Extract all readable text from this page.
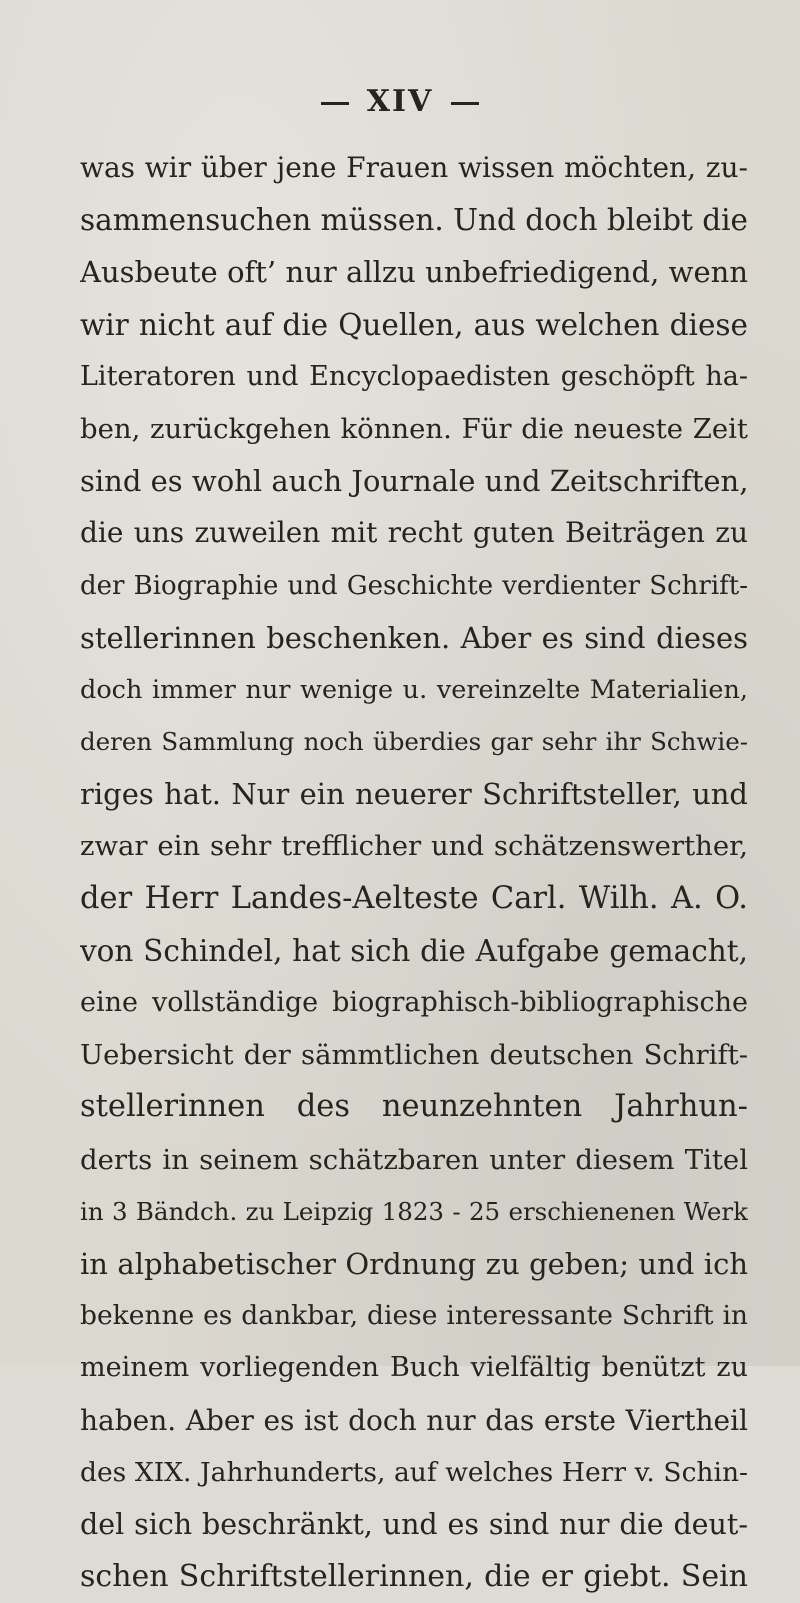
XIV
was wir über jene Frauen wissen möchten, zu-
sammensuchen müssen. Und doch bleibt die
Ausbeute oft’ nur allzu unbefriedigend, wenn
wir nicht auf die Quellen, aus welchen diese
Literatoren und Encyclopaedisten geschöpft ha-
ben, zurückgehen können. Für die neueste Zeit
sind es wohl auch Journale und Zeitschriften,
die uns zuweilen mit recht guten Beiträgen zu
der Biographie und Geschichte verdienter Schrift-
stellerinnen beschenken. Aber es sind dieses
doch immer nur wenige u. vereinzelte Materialien,
deren Sammlung noch überdies gar sehr ihr Schwie-
riges hat. Nur ein neuerer Schriftsteller, und
zwar ein sehr trefflicher und schätzenswerther,
der Herr Landes-Aelteste Carl. Wilh. A. O.
von Schindel, hat sich die Aufgabe gemacht,
eine vollständige biographisch-bibliographische
Uebersicht der sämmtlichen deutschen Schrift-
stellerinnen des neunzehnten Jahrhun-
derts in seinem schätzbaren unter diesem Titel
in 3 Bändch. zu Leipzig 1823 - 25 erschienenen Werk
in alphabetischer Ordnung zu geben; und ich
bekenne es dankbar, diese interessante Schrift in
meinem vorliegenden Buch vielfältig benützt zu
haben. Aber es ist doch nur das erste Viertheil
des XIX. Jahrhunderts, auf welches Herr v. Schin-
del sich beschränkt, und es sind nur die deut-
schen Schriftstellerinnen, die er giebt. Sein
